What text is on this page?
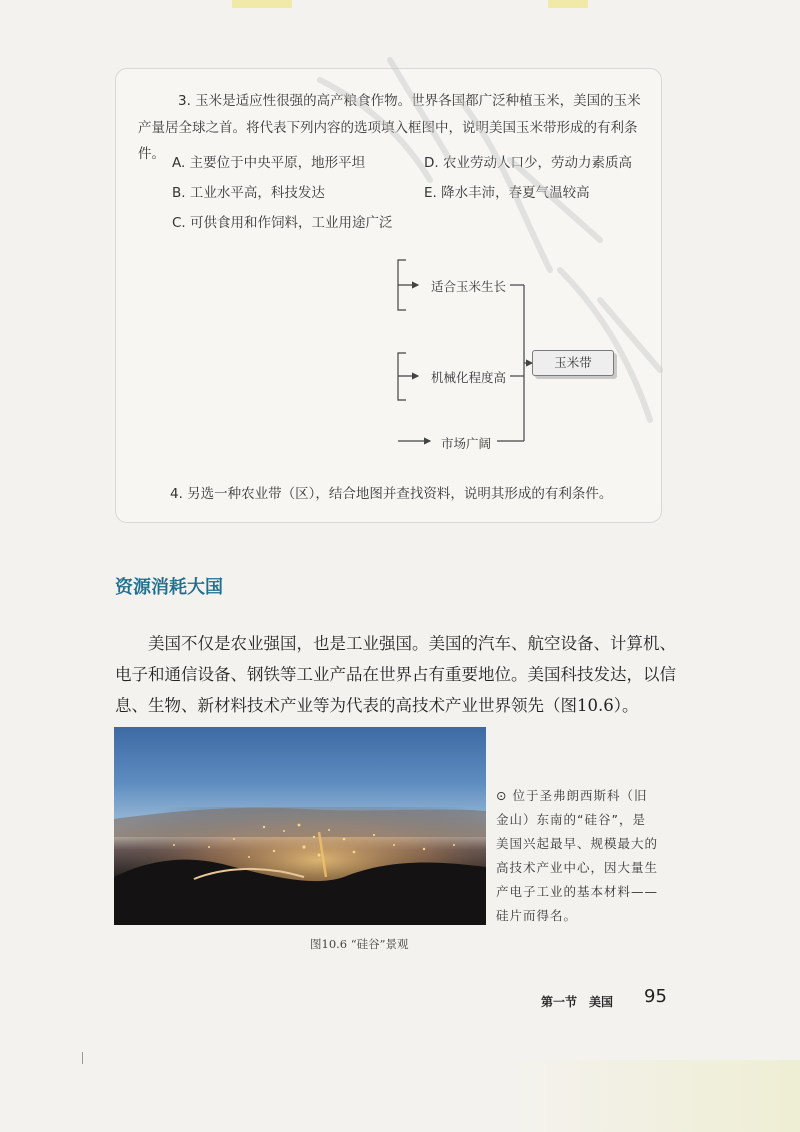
3. 玉米是适应性很强的高产粮食作物。世界各国都广泛种植玉米，美国的玉米
产量居全球之首。将代表下列内容的选项填入框图中，说明美国玉米带形成的有利条件。
A. 主要位于中央平原，地形平坦	D. 农业劳动人口少，劳动力素质高
B. 工业水平高，科技发达	E. 降水丰沛，春夏气温较高
C. 可供食用和作饲料，工业用途广泛
适合玉米生长
机械化程度高
市场广阔
玉米带
4. 另选一种农业带（区），结合地图并查找资料，说明其形成的有利条件。
资源消耗大国
美国不仅是农业强国，也是工业强国。美国的汽车、航空设备、计算机、
电子和通信设备、钢铁等工业产品在世界占有重要地位。美国科技发达，以信
息、生物、新材料技术产业等为代表的高技术产业世界领先（图10.6）。
⊙ 位于圣弗朗西斯科（旧
金山）东南的“硅谷”，是
美国兴起最早、规模最大的
高技术产业中心，因大量生
产电子工业的基本材料——
硅片而得名。
图10.6 “硅谷”景观
第一节　美国 95
